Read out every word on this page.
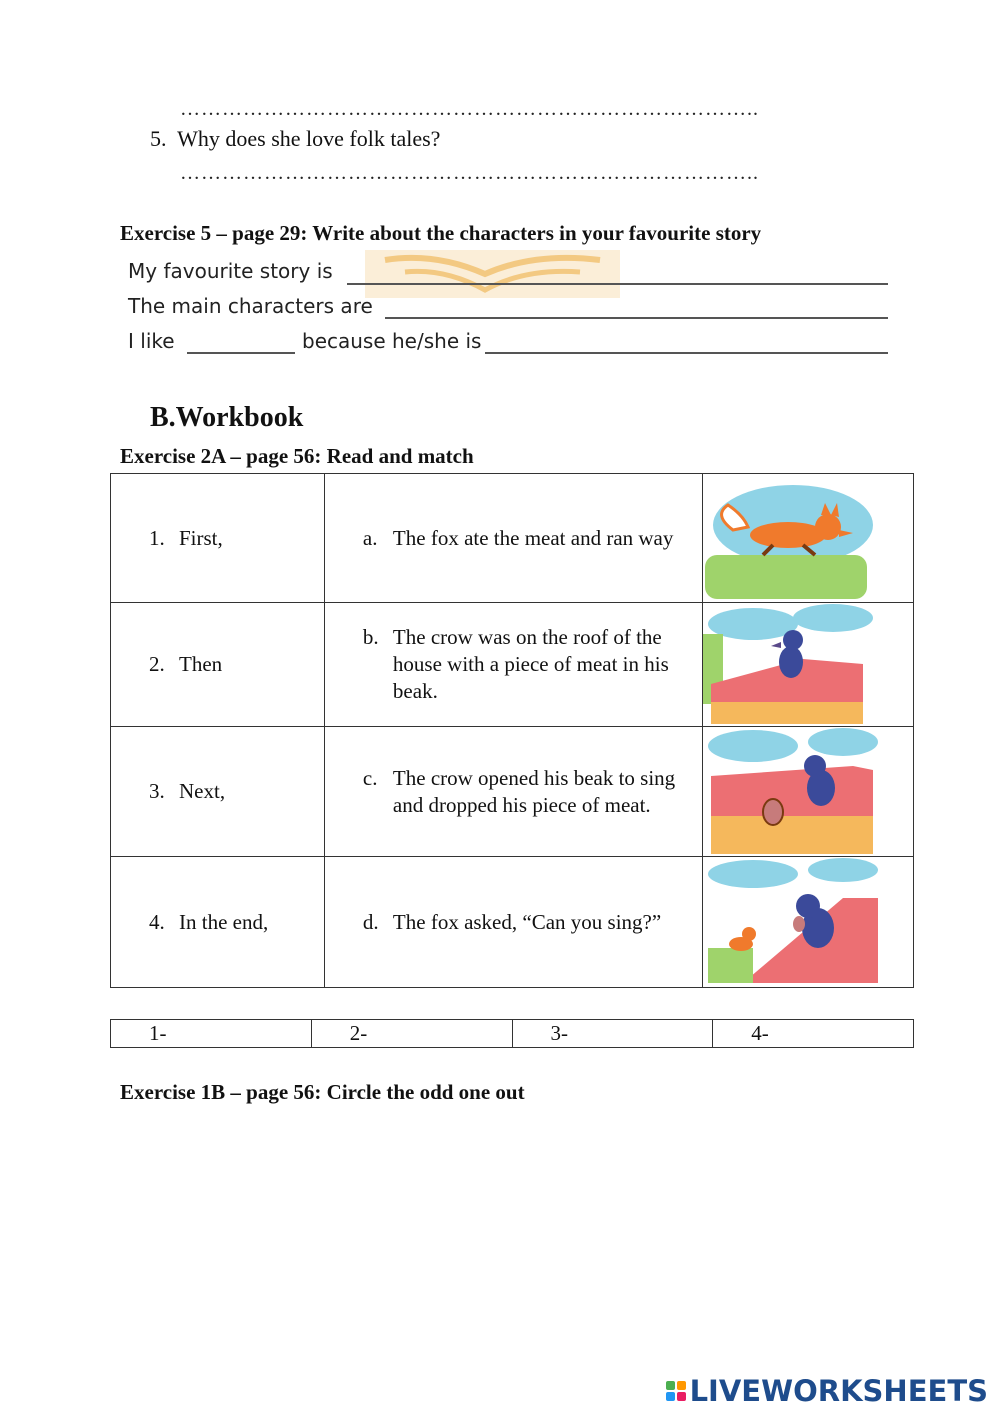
………………………………………………………………………..
5. Why does she love folk tales?
………………………………………………………………………..
Exercise 5 – page 29: Write about the characters in your favourite story
My favourite story is
The main characters are
I like	because he/she is
B.Workbook
Exercise 2A – page 56: Read and match
1. First,	a. The fox ate the meat and ran way

2. Then	b. The crow was on the roof of the house with a piece of meat in his beak.

3. Next,	c. The crow opened his beak to sing and dropped his piece of meat.

4. In the end,	d. The fox asked, “Can you sing?”

1-	2-	3-	4-
Exercise 1B – page 56: Circle the odd one out
LIVEWORKSHEETS
